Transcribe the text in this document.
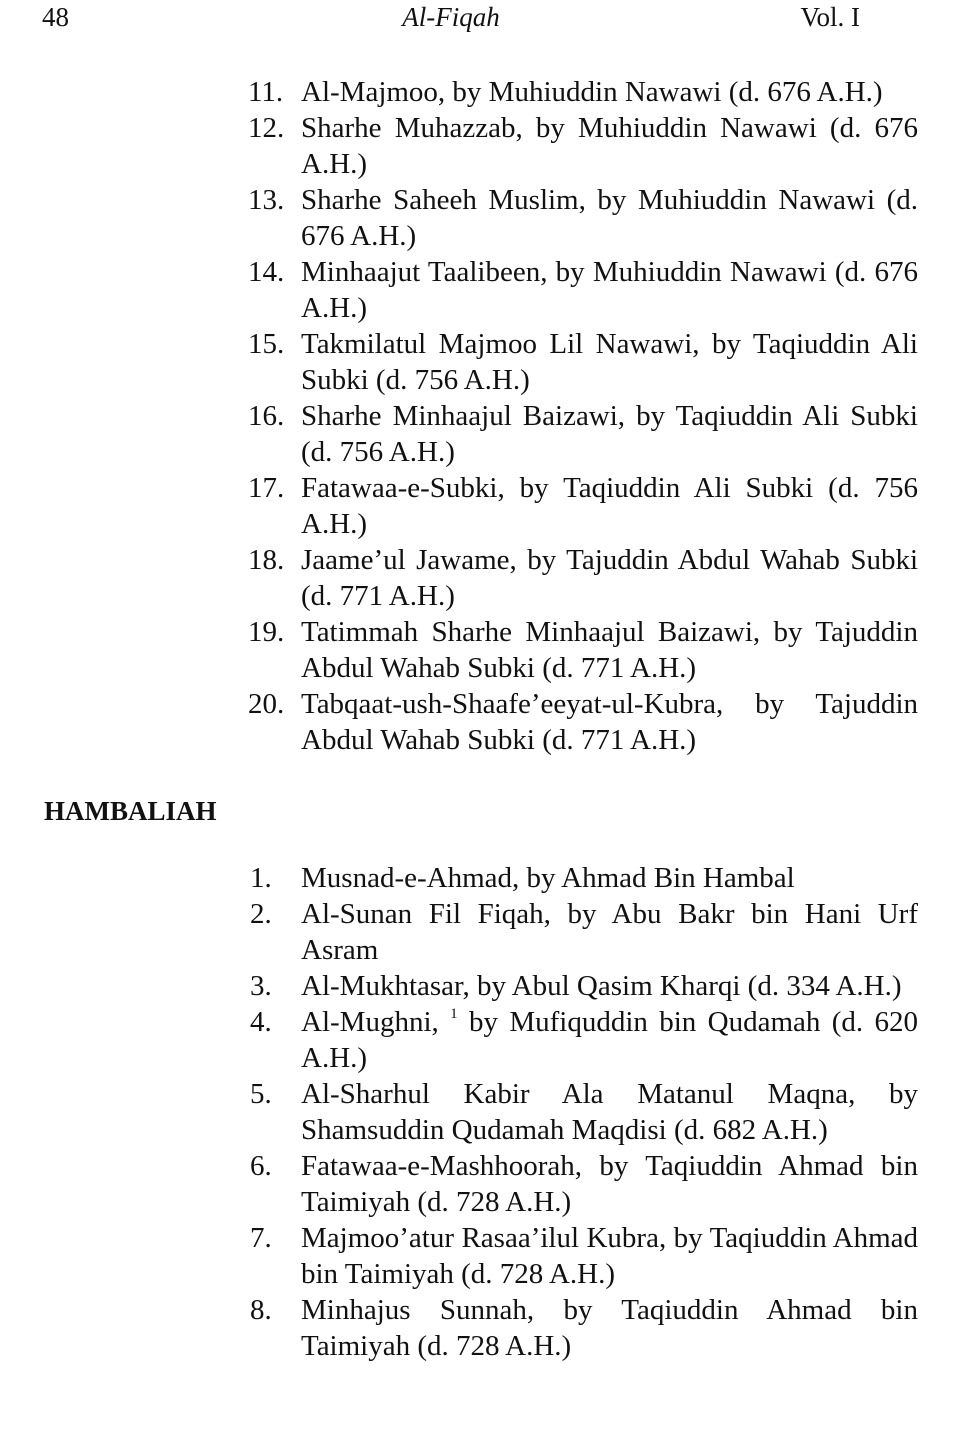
48	Al-Fiqah	Vol. I
11. Al-Majmoo, by Muhiuddin Nawawi (d. 676 A.H.)
12. Sharhe Muhazzab, by Muhiuddin Nawawi (d. 676 A.H.)
13. Sharhe Saheeh Muslim, by Muhiuddin Nawawi (d. 676 A.H.)
14. Minhaajut Taalibeen, by Muhiuddin Nawawi (d. 676 A.H.)
15. Takmilatul Majmoo Lil Nawawi, by Taqiuddin Ali Subki (d. 756 A.H.)
16. Sharhe Minhaajul Baizawi, by Taqiuddin Ali Subki (d. 756 A.H.)
17. Fatawaa-e-Subki, by Taqiuddin Ali Subki (d. 756 A.H.)
18. Jaame’ul Jawame, by Tajuddin Abdul Wahab Subki (d. 771 A.H.)
19. Tatimmah Sharhe Minhaajul Baizawi, by Tajuddin Abdul Wahab Subki (d. 771 A.H.)
20. Tabqaat-ush-Shaafe’eeyat-ul-Kubra, by Tajuddin Abdul Wahab Subki (d. 771 A.H.)
HAMBALIAH
1.	Musnad-e-Ahmad, by Ahmad Bin Hambal
2.	Al-Sunan Fil Fiqah, by Abu Bakr bin Hani Urf Asram
3.	Al-Mukhtasar, by Abul Qasim Kharqi (d. 334 A.H.)
4.	Al-Mughni, $^1$ by Mufiquddin bin Qudamah (d. 620 A.H.)
5.	Al-Sharhul Kabir Ala Matanul Maqna, by Shamsuddin Qudamah Maqdisi (d. 682 A.H.)
6.	Fatawaa-e-Mashhoorah, by Taqiuddin Ahmad bin Taimiyah (d. 728 A.H.)
7.	Majmoo’atur Rasaa’ilul Kubra, by Taqiuddin Ahmad bin Taimiyah (d. 728 A.H.)
8.	Minhajus Sunnah, by Taqiuddin Ahmad bin Taimiyah (d. 728 A.H.)
